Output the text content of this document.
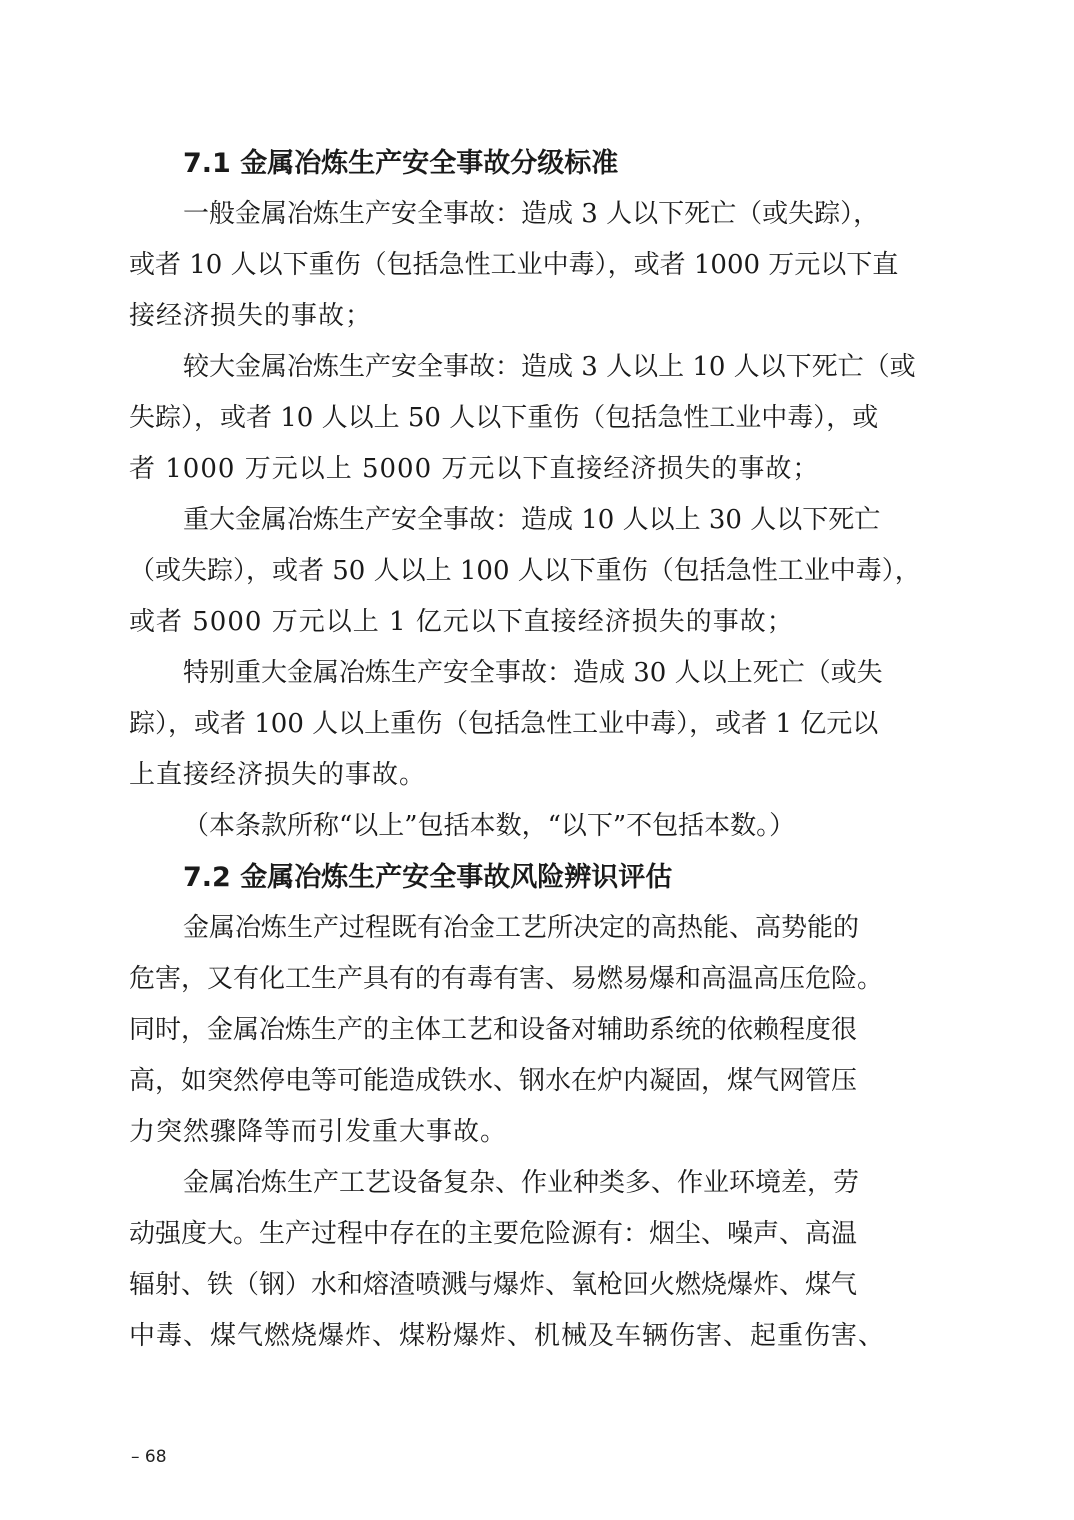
7.1 金属冶炼生产安全事故分级标准
一般金属冶炼生产安全事故：造成 3 人以下死亡（或失踪），
或者 10 人以下重伤（包括急性工业中毒），或者 1000 万元以下直
接经济损失的事故；
较大金属冶炼生产安全事故：造成 3 人以上 10 人以下死亡（或
失踪），或者 10 人以上 50 人以下重伤（包括急性工业中毒），或
者 1000 万元以上 5000 万元以下直接经济损失的事故；
重大金属冶炼生产安全事故：造成 10 人以上 30 人以下死亡
（或失踪），或者 50 人以上 100 人以下重伤（包括急性工业中毒），
或者 5000 万元以上 1 亿元以下直接经济损失的事故；
特别重大金属冶炼生产安全事故：造成 30 人以上死亡（或失
踪），或者 100 人以上重伤（包括急性工业中毒），或者 1 亿元以
上直接经济损失的事故。
（本条款所称“以上”包括本数，“以下”不包括本数。）
7.2 金属冶炼生产安全事故风险辨识评估
金属冶炼生产过程既有冶金工艺所决定的高热能、高势能的
危害，又有化工生产具有的有毒有害、易燃易爆和高温高压危险。
同时，金属冶炼生产的主体工艺和设备对辅助系统的依赖程度很
高，如突然停电等可能造成铁水、钢水在炉内凝固，煤气网管压
力突然骤降等而引发重大事故。
金属冶炼生产工艺设备复杂、作业种类多、作业环境差，劳
动强度大。生产过程中存在的主要危险源有：烟尘、噪声、高温
辐射、铁（钢）水和熔渣喷溅与爆炸、氧枪回火燃烧爆炸、煤气
中毒、煤气燃烧爆炸、煤粉爆炸、机械及车辆伤害、起重伤害、
– 68
